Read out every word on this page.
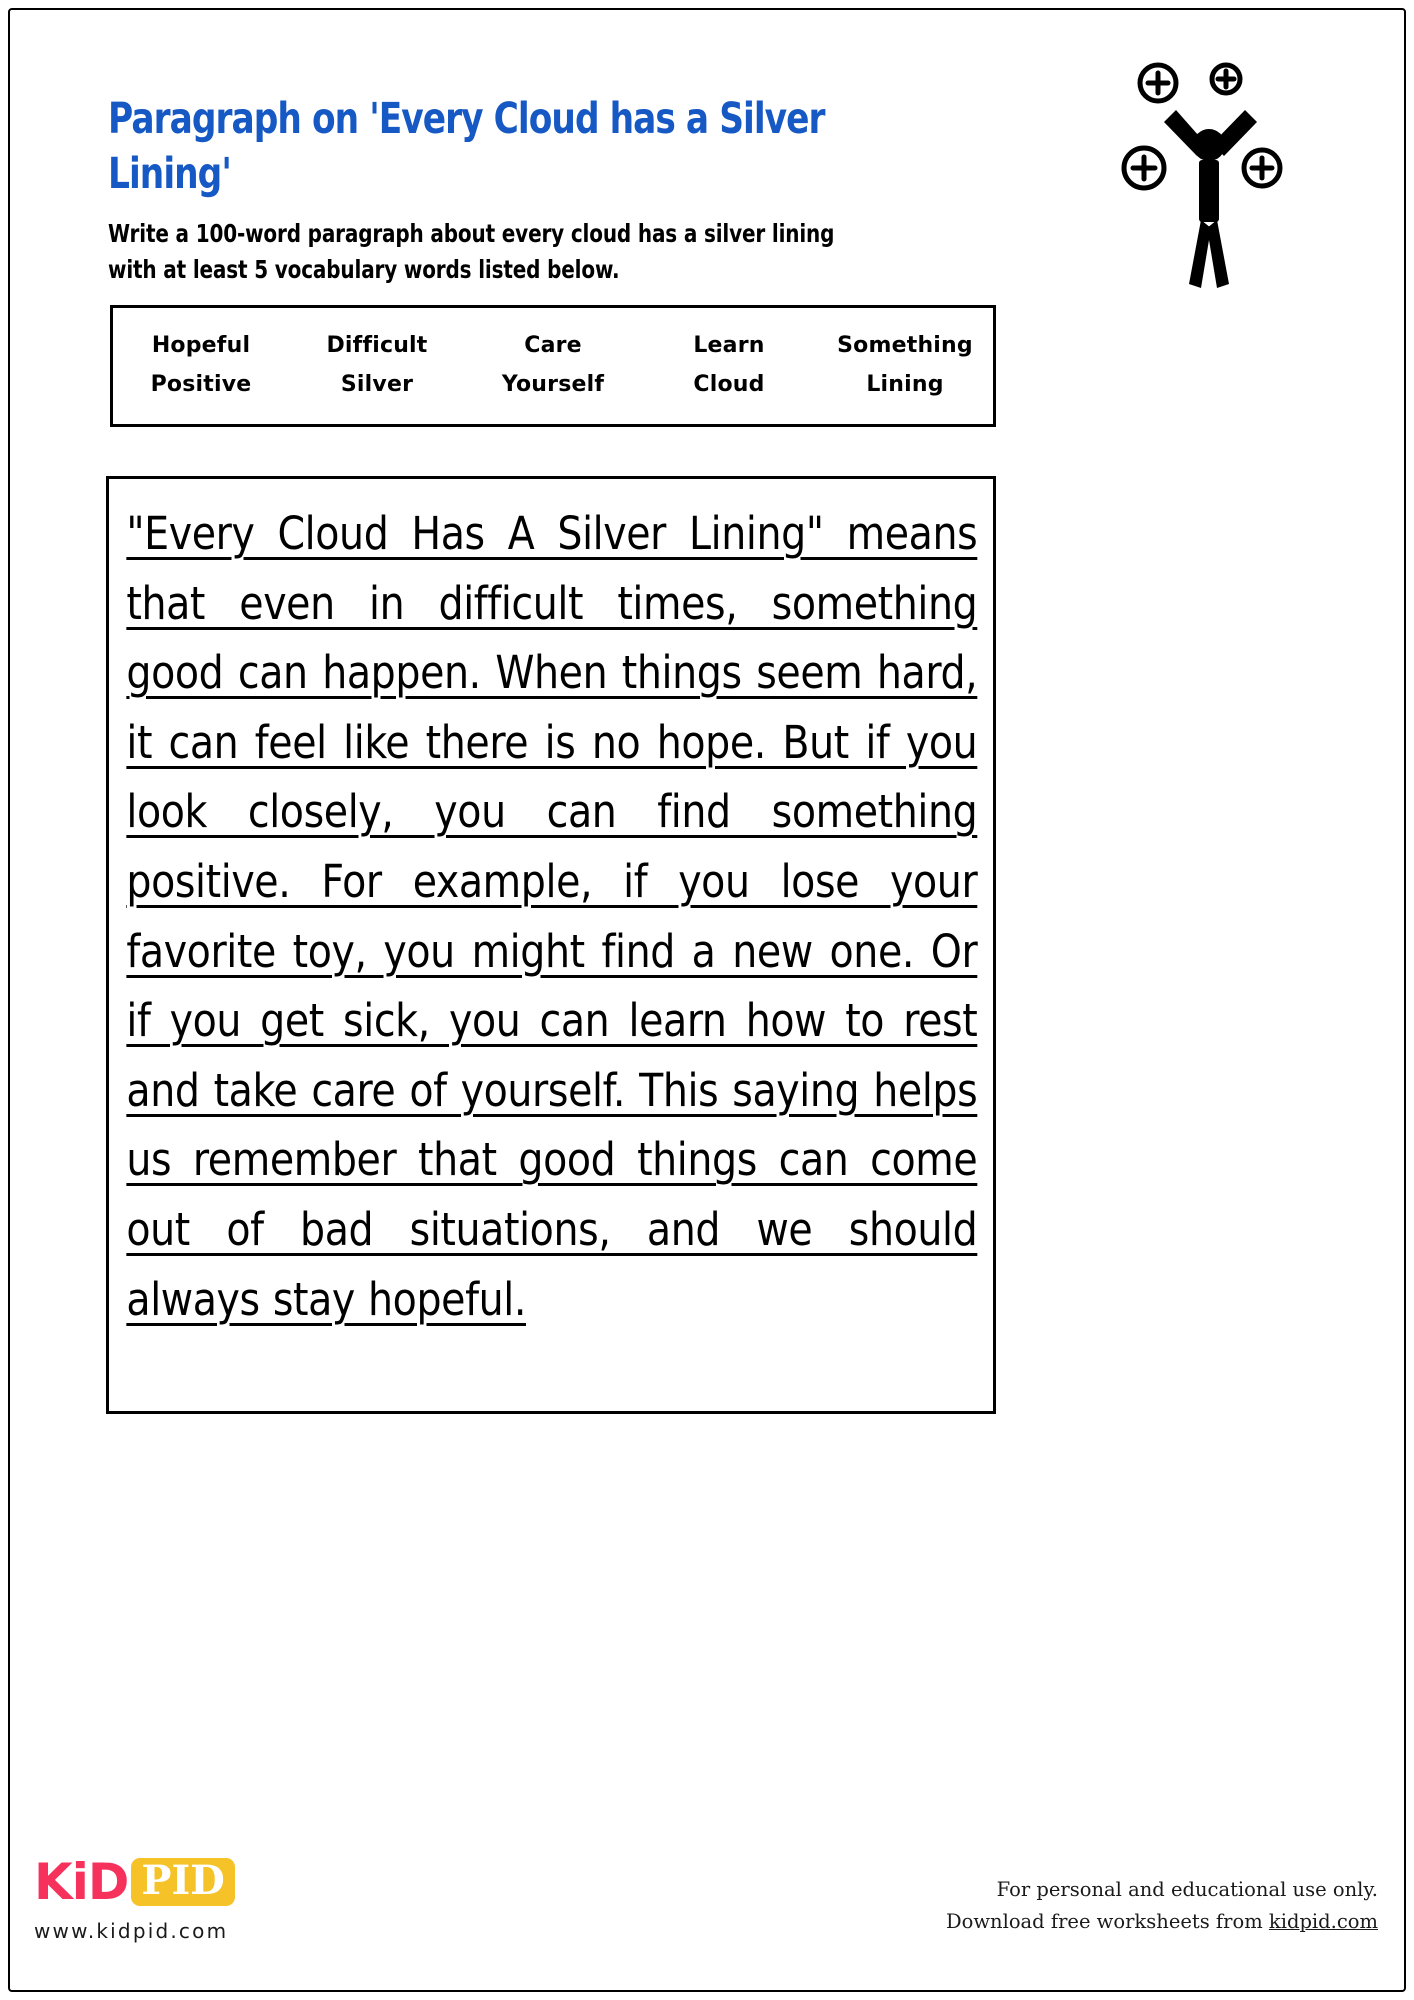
Paragraph on 'Every Cloud has a Silver Lining'

Write a 100-word paragraph about every cloud has a silver lining with at least 5 vocabulary words listed below.

Hopeful	Difficult	Care	Learn	Something
Positive	Silver	Yourself	Cloud	Lining

"Every Cloud Has A Silver Lining" means that even in difficult times, something good can happen. When things seem hard, it can feel like there is no hope. But if you look closely, you can find something positive. For example, if you lose your favorite toy, you might find a new one. Or if you get sick, you can learn how to rest and take care of yourself. This saying helps us remember that good things can come out of bad situations, and we should always stay hopeful.

KiD PID
www.kidpid.com
For personal and educational use only.
Download free worksheets from kidpid.com
